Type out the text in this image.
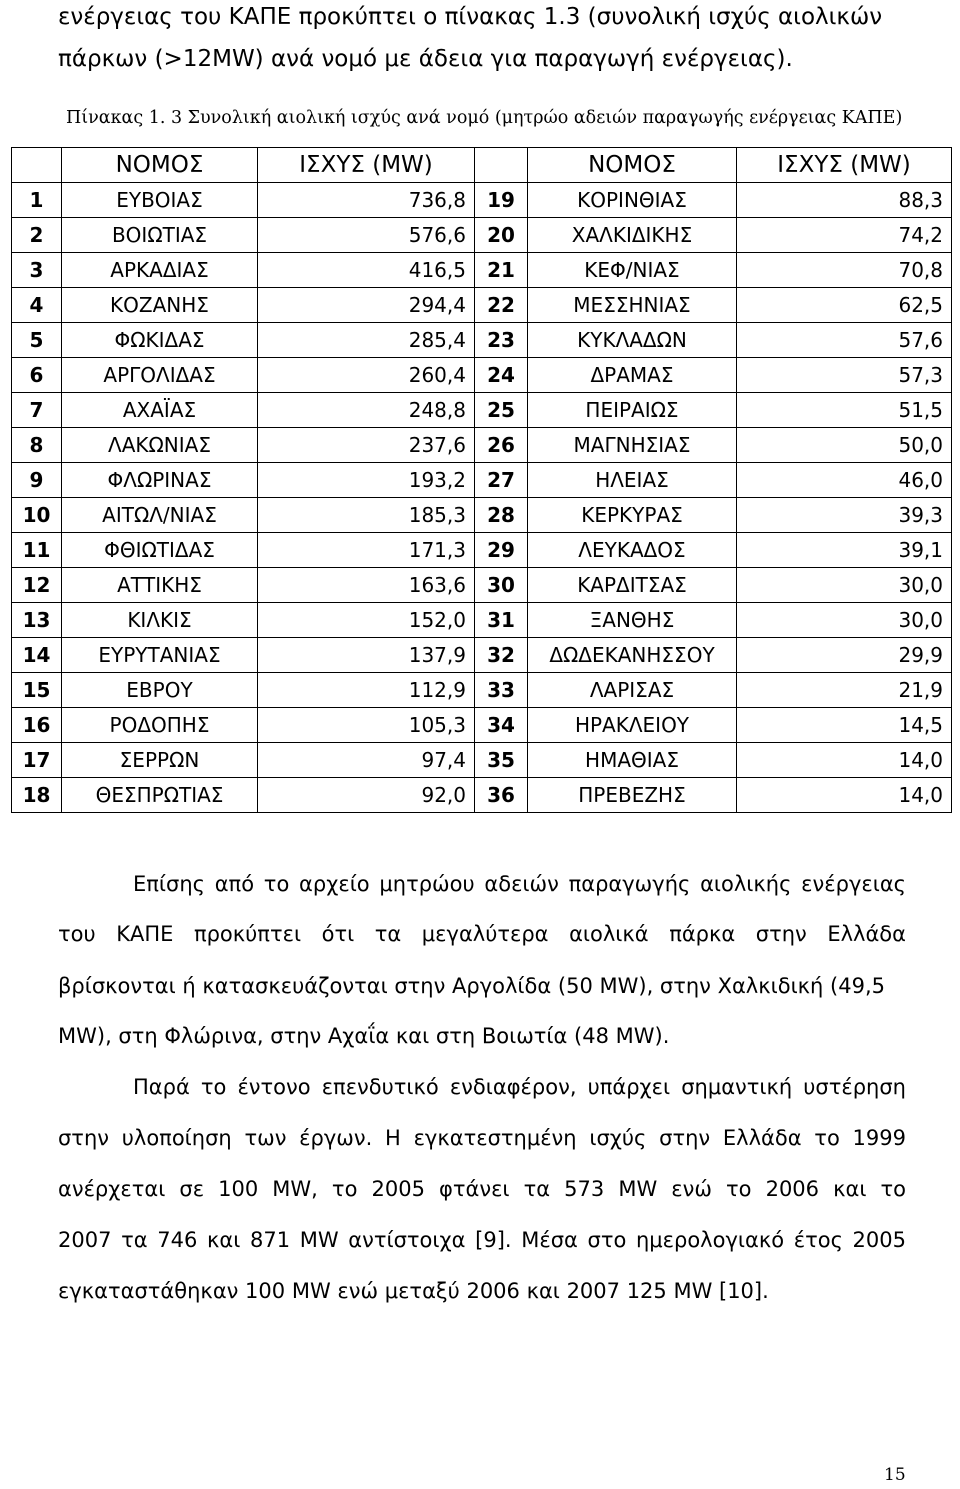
ενέργειας του ΚΑΠΕ προκύπτει ο πίνακας 1.3 (συνολική ισχύς αιολικών
πάρκων (>12MW) ανά νομό με άδεια για παραγωγή ενέργειας).
Πίνακας 1. 3 Συνολική αιολική ισχύς ανά νομό (μητρώο αδειών παραγωγής ενέργειας ΚΑΠΕ)
	ΝΟΜΟΣ	ΙΣΧΥΣ (MW)		ΝΟΜΟΣ	ΙΣΧΥΣ (MW)
1	ΕΥΒΟΙΑΣ	736,8	19	ΚΟΡΙΝΘΙΑΣ	88,3
2	ΒΟΙΩΤΙΑΣ	576,6	20	ΧΑΛΚΙΔΙΚΗΣ	74,2
3	ΑΡΚΑΔΙΑΣ	416,5	21	ΚΕΦ/ΝΙΑΣ	70,8
4	ΚΟΖΑΝΗΣ	294,4	22	ΜΕΣΣΗΝΙΑΣ	62,5
5	ΦΩΚΙΔΑΣ	285,4	23	ΚΥΚΛΑΔΩΝ	57,6
6	ΑΡΓΟΛΙΔΑΣ	260,4	24	ΔΡΑΜΑΣ	57,3
7	ΑΧΑΪΑΣ	248,8	25	ΠΕΙΡΑΙΩΣ	51,5
8	ΛΑΚΩΝΙΑΣ	237,6	26	ΜΑΓΝΗΣΙΑΣ	50,0
9	ΦΛΩΡΙΝΑΣ	193,2	27	ΗΛΕΙΑΣ	46,0
10	ΑΙΤΩΛ/ΝΙΑΣ	185,3	28	ΚΕΡΚΥΡΑΣ	39,3
11	ΦΘΙΩΤΙΔΑΣ	171,3	29	ΛΕΥΚΑΔΟΣ	39,1
12	ΑΤΤΙΚΗΣ	163,6	30	ΚΑΡΔΙΤΣΑΣ	30,0
13	ΚΙΛΚΙΣ	152,0	31	ΞΑΝΘΗΣ	30,0
14	ΕΥΡΥΤΑΝΙΑΣ	137,9	32	ΔΩΔΕΚΑΝΗΣΣΟΥ	29,9
15	ΕΒΡΟΥ	112,9	33	ΛΑΡΙΣΑΣ	21,9
16	ΡΟΔΟΠΗΣ	105,3	34	ΗΡΑΚΛΕΙΟΥ	14,5
17	ΣΕΡΡΩΝ	97,4	35	ΗΜΑΘΙΑΣ	14,0
18	ΘΕΣΠΡΩΤΙΑΣ	92,0	36	ΠΡΕΒΕΖΗΣ	14,0
Επίσης από το αρχείο μητρώου αδειών παραγωγής αιολικής ενέργειας
του ΚΑΠΕ προκύπτει ότι τα μεγαλύτερα αιολικά πάρκα στην Ελλάδα
βρίσκονται ή κατασκευάζονται στην Αργολίδα (50 MW), στην Χαλκιδική (49,5
MW), στη Φλώρινα, στην Αχαΐα και στη Βοιωτία (48 MW).
Παρά το έντονο επενδυτικό ενδιαφέρον, υπάρχει σημαντική υστέρηση
στην υλοποίηση των έργων. Η εγκατεστημένη ισχύς στην Ελλάδα το 1999
ανέρχεται σε 100 MW, το 2005 φτάνει τα 573 MW ενώ το 2006 και το
2007 τα 746 και 871 MW αντίστοιχα [9]. Μέσα στο ημερολογιακό έτος 2005
εγκαταστάθηκαν 100 MW ενώ μεταξύ 2006 και 2007 125 MW [10].
15
